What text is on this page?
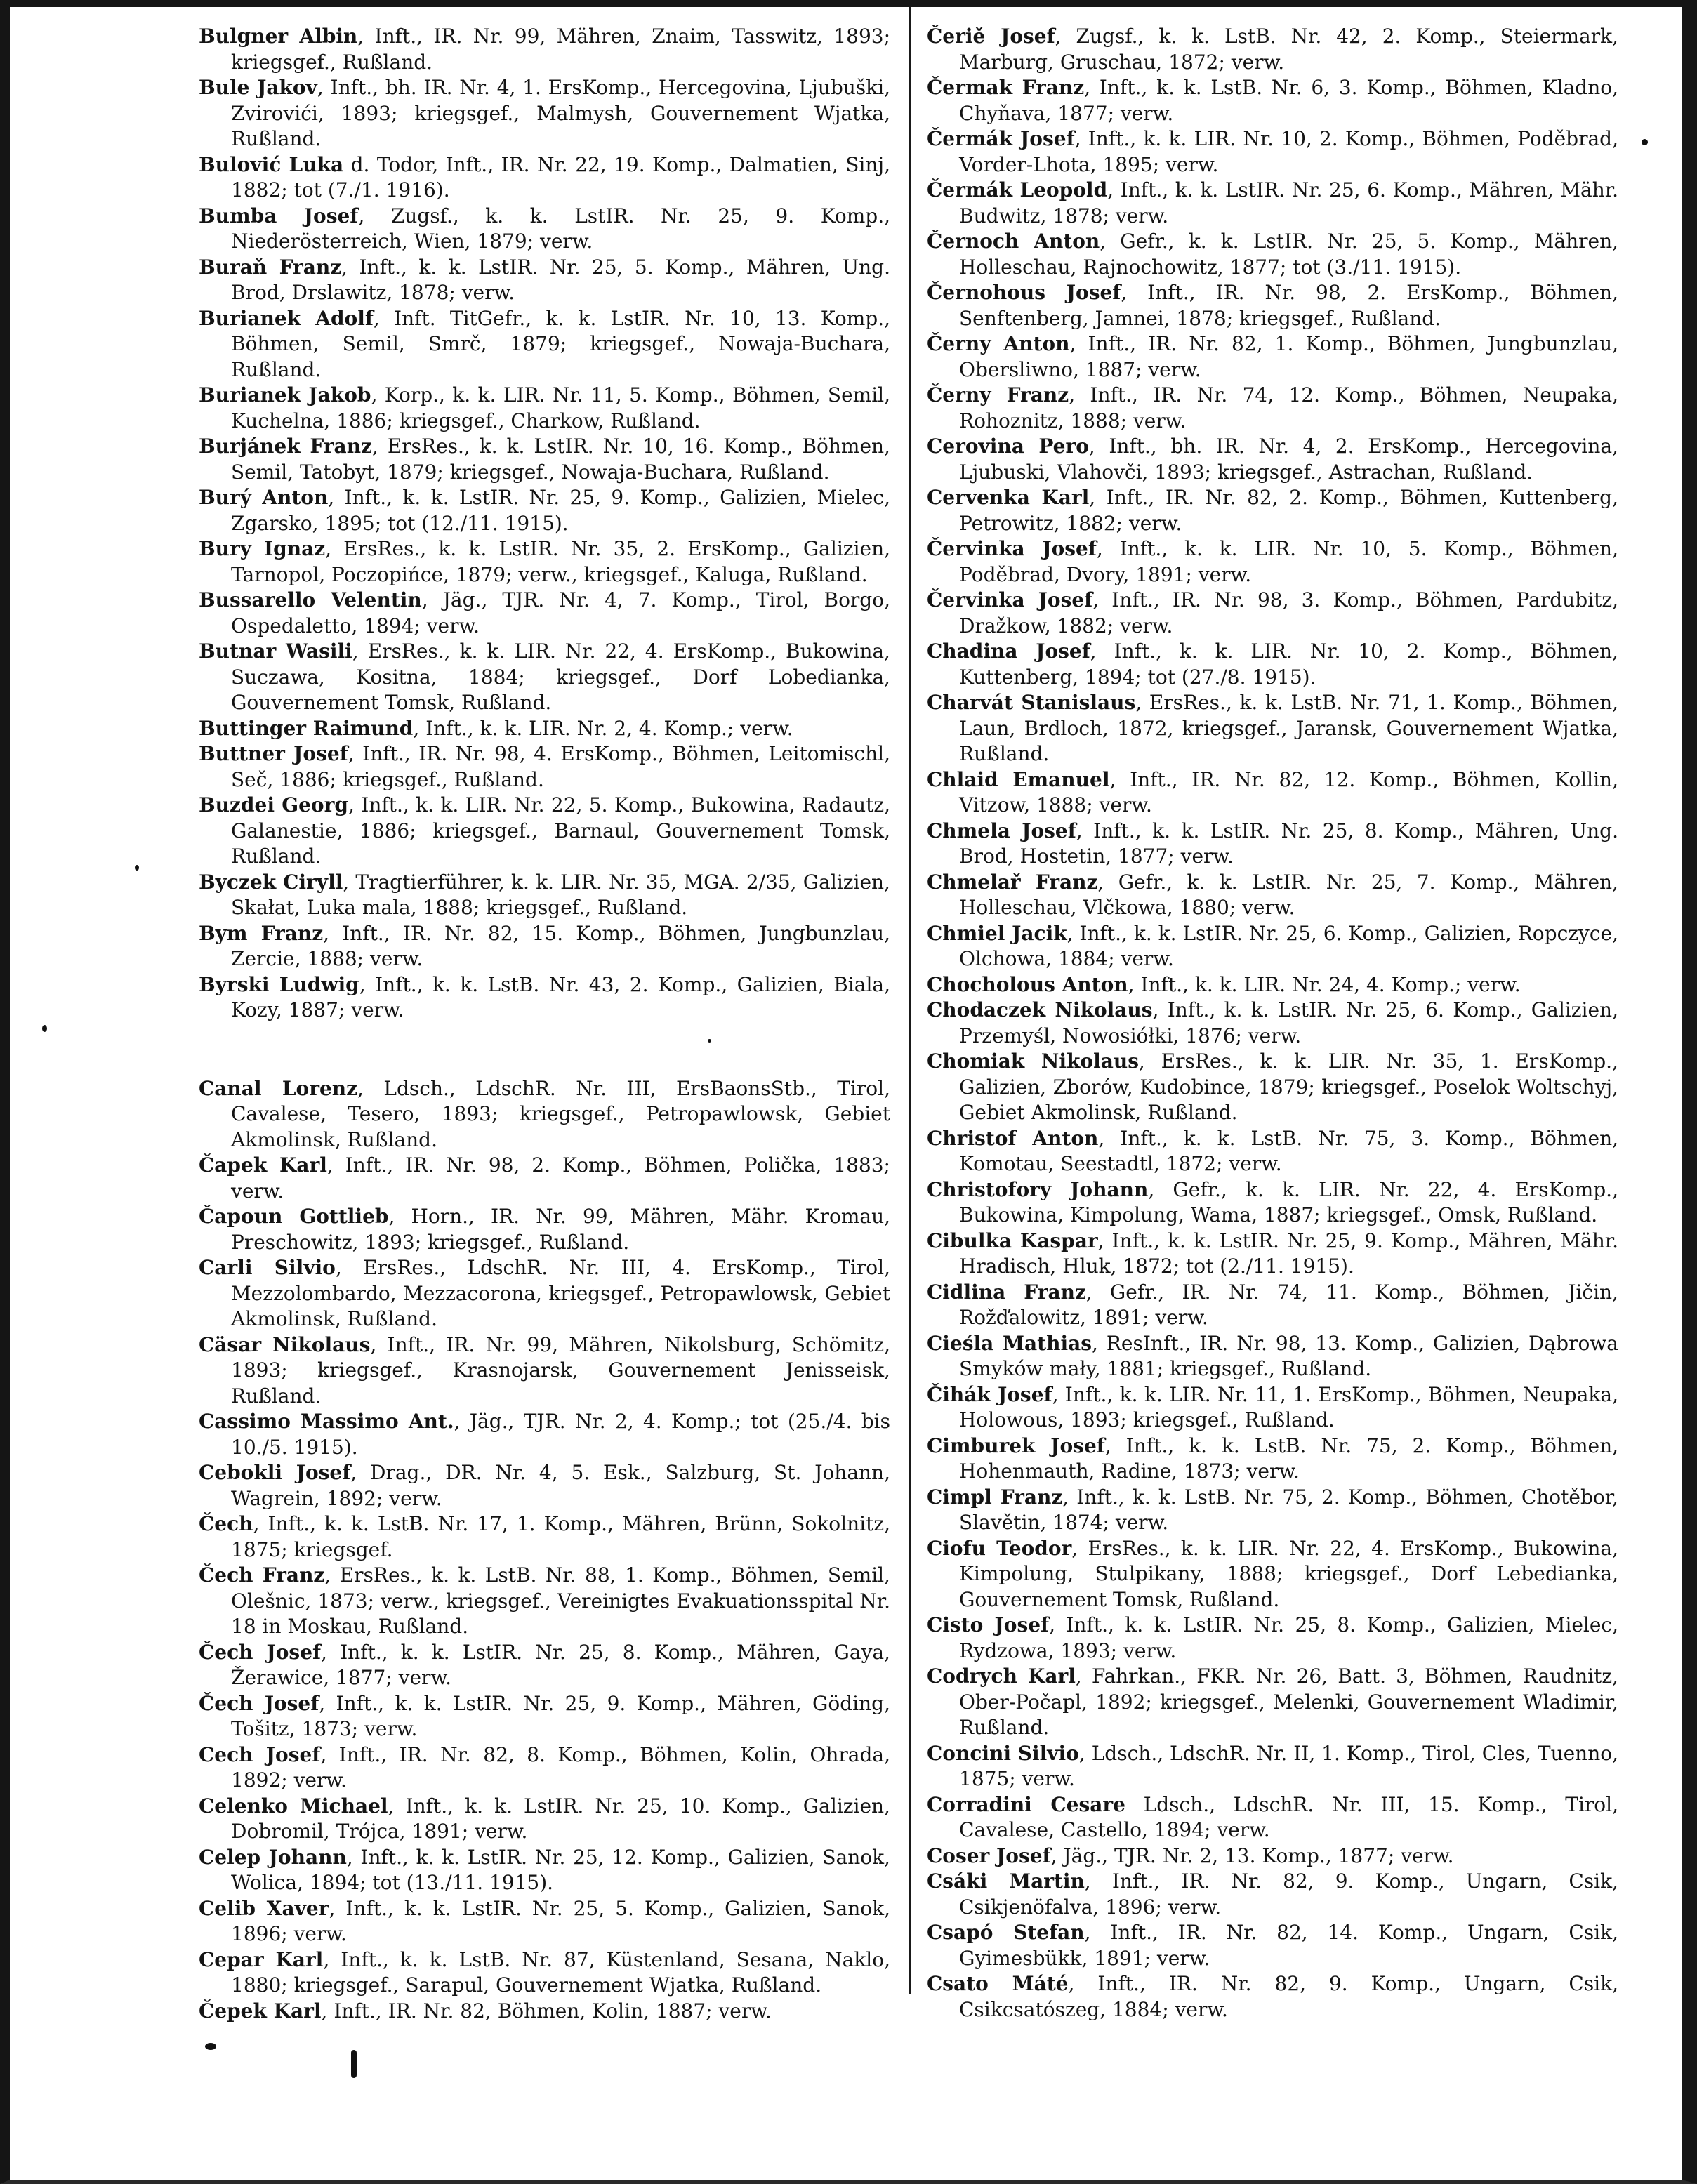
Bulgner Albin, Inft., IR. Nr. 99, Mähren, Znaim, Tasswitz, 1893; kriegsgef., Rußland.

Bule Jakov, Inft., bh. IR. Nr. 4, 1. ErsKomp., Hercegovina, Ljubuški, Zvirovići, 1893; kriegsgef., Malmysh, Gouvernement Wjatka, Rußland.

Bulović Luka d. Todor, Inft., IR. Nr. 22, 19. Komp., Dalmatien, Sinj, 1882; tot (7./1. 1916).

Bumba Josef, Zugsf., k. k. LstIR. Nr. 25, 9. Komp., Niederösterreich, Wien, 1879; verw.

Buraň Franz, Inft., k. k. LstIR. Nr. 25, 5. Komp., Mähren, Ung. Brod, Drslawitz, 1878; verw.

Burianek Adolf, Inft. TitGefr., k. k. LstIR. Nr. 10, 13. Komp., Böhmen, Semil, Smrč, 1879; kriegsgef., Nowaja-Buchara, Rußland.

Burianek Jakob, Korp., k. k. LIR. Nr. 11, 5. Komp., Böhmen, Semil, Kuchelna, 1886; kriegsgef., Charkow, Rußland.

Burjánek Franz, ErsRes., k. k. LstIR. Nr. 10, 16. Komp., Böhmen, Semil, Tatobyt, 1879; kriegsgef., Nowaja-Buchara, Rußland.

Burý Anton, Inft., k. k. LstIR. Nr. 25, 9. Komp., Galizien, Mielec, Zgarsko, 1895; tot (12./11. 1915).

Bury Ignaz, ErsRes., k. k. LstIR. Nr. 35, 2. ErsKomp., Galizien, Tarnopol, Poczopińce, 1879; verw., kriegsgef., Kaluga, Rußland.

Bussarello Velentin, Jäg., TJR. Nr. 4, 7. Komp., Tirol, Borgo, Ospedaletto, 1894; verw.

Butnar Wasili, ErsRes., k. k. LIR. Nr. 22, 4. ErsKomp., Bukowina, Suczawa, Kositna, 1884; kriegsgef., Dorf Lobedianka, Gouvernement Tomsk, Rußland.

Buttinger Raimund, Inft., k. k. LIR. Nr. 2, 4. Komp.; verw.

Buttner Josef, Inft., IR. Nr. 98, 4. ErsKomp., Böhmen, Leitomischl, Seč, 1886; kriegsgef., Rußland.

Buzdei Georg, Inft., k. k. LIR. Nr. 22, 5. Komp., Bukowina, Radautz, Galanestie, 1886; kriegsgef., Barnaul, Gouvernement Tomsk, Rußland.

Byczek Ciryll, Tragtierführer, k. k. LIR. Nr. 35, MGA. 2/35, Galizien, Skałat, Luka mala, 1888; kriegsgef., Rußland.

Bym Franz, Inft., IR. Nr. 82, 15. Komp., Böhmen, Jungbunzlau, Zercie, 1888; verw.

Byrski Ludwig, Inft., k. k. LstB. Nr. 43, 2. Komp., Galizien, Biala, Kozy, 1887; verw.

Canal Lorenz, Ldsch., LdschR. Nr. III, ErsBaonsStb., Tirol, Cavalese, Tesero, 1893; kriegsgef., Petropawlowsk, Gebiet Akmolinsk, Rußland.

Čapek Karl, Inft., IR. Nr. 98, 2. Komp., Böhmen, Polička, 1883; verw.

Čapoun Gottlieb, Horn., IR. Nr. 99, Mähren, Mähr. Kromau, Preschowitz, 1893; kriegsgef., Rußland.

Carli Silvio, ErsRes., LdschR. Nr. III, 4. ErsKomp., Tirol, Mezzolombardo, Mezzacorona, kriegsgef., Petropawlowsk, Gebiet Akmolinsk, Rußland.

Cäsar Nikolaus, Inft., IR. Nr. 99, Mähren, Nikolsburg, Schömitz, 1893; kriegsgef., Krasnojarsk, Gouvernement Jenisseisk, Rußland.

Cassimo Massimo Ant., Jäg., TJR. Nr. 2, 4. Komp.; tot (25./4. bis 10./5. 1915).

Cebokli Josef, Drag., DR. Nr. 4, 5. Esk., Salzburg, St. Johann, Wagrein, 1892; verw.

Čech, Inft., k. k. LstB. Nr. 17, 1. Komp., Mähren, Brünn, Sokolnitz, 1875; kriegsgef.

Čech Franz, ErsRes., k. k. LstB. Nr. 88, 1. Komp., Böhmen, Semil, Olešnic, 1873; verw., kriegsgef., Vereinigtes Evakuationsspital Nr. 18 in Moskau, Rußland.

Čech Josef, Inft., k. k. LstIR. Nr. 25, 8. Komp., Mähren, Gaya, Žerawice, 1877; verw.

Čech Josef, Inft., k. k. LstIR. Nr. 25, 9. Komp., Mähren, Göding, Tošitz, 1873; verw.

Cech Josef, Inft., IR. Nr. 82, 8. Komp., Böhmen, Kolin, Ohrada, 1892; verw.

Celenko Michael, Inft., k. k. LstIR. Nr. 25, 10. Komp., Galizien, Dobromil, Trójca, 1891; verw.

Celep Johann, Inft., k. k. LstIR. Nr. 25, 12. Komp., Galizien, Sanok, Wolica, 1894; tot (13./11. 1915).

Celib Xaver, Inft., k. k. LstIR. Nr. 25, 5. Komp., Galizien, Sanok, 1896; verw.

Cepar Karl, Inft., k. k. LstB. Nr. 87, Küstenland, Sesana, Naklo, 1880; kriegsgef., Sarapul, Gouvernement Wjatka, Rußland.

Čepek Karl, Inft., IR. Nr. 82, Böhmen, Kolin, 1887; verw.

Čeriě Josef, Zugsf., k. k. LstB. Nr. 42, 2. Komp., Steiermark, Marburg, Gruschau, 1872; verw.

Čermak Franz, Inft., k. k. LstB. Nr. 6, 3. Komp., Böhmen, Kladno, Chyňava, 1877; verw.

Čermák Josef, Inft., k. k. LIR. Nr. 10, 2. Komp., Böhmen, Poděbrad, Vorder-Lhota, 1895; verw.

Čermák Leopold, Inft., k. k. LstIR. Nr. 25, 6. Komp., Mähren, Mähr. Budwitz, 1878; verw.

Černoch Anton, Gefr., k. k. LstIR. Nr. 25, 5. Komp., Mähren, Holleschau, Rajnochowitz, 1877; tot (3./11. 1915).

Černohous Josef, Inft., IR. Nr. 98, 2. ErsKomp., Böhmen, Senftenberg, Jamnei, 1878; kriegsgef., Rußland.

Černy Anton, Inft., IR. Nr. 82, 1. Komp., Böhmen, Jungbunzlau, Obersliwno, 1887; verw.

Černy Franz, Inft., IR. Nr. 74, 12. Komp., Böhmen, Neupaka, Rohoznitz, 1888; verw.

Cerovina Pero, Inft., bh. IR. Nr. 4, 2. ErsKomp., Hercegovina, Ljubuski, Vlahovči, 1893; kriegsgef., Astrachan, Rußland.

Cervenka Karl, Inft., IR. Nr. 82, 2. Komp., Böhmen, Kuttenberg, Petrowitz, 1882; verw.

Červinka Josef, Inft., k. k. LIR. Nr. 10, 5. Komp., Böhmen, Poděbrad, Dvory, 1891; verw.

Červinka Josef, Inft., IR. Nr. 98, 3. Komp., Böhmen, Pardubitz, Dražkow, 1882; verw.

Chadina Josef, Inft., k. k. LIR. Nr. 10, 2. Komp., Böhmen, Kuttenberg, 1894; tot (27./8. 1915).

Charvát Stanislaus, ErsRes., k. k. LstB. Nr. 71, 1. Komp., Böhmen, Laun, Brdloch, 1872, kriegsgef., Jaransk, Gouvernement Wjatka, Rußland.

Chlaid Emanuel, Inft., IR. Nr. 82, 12. Komp., Böhmen, Kollin, Vitzow, 1888; verw.

Chmela Josef, Inft., k. k. LstIR. Nr. 25, 8. Komp., Mähren, Ung. Brod, Hostetin, 1877; verw.

Chmelař Franz, Gefr., k. k. LstIR. Nr. 25, 7. Komp., Mähren, Holleschau, Vlčkowa, 1880; verw.

Chmiel Jacik, Inft., k. k. LstIR. Nr. 25, 6. Komp., Galizien, Ropczyce, Olchowa, 1884; verw.

Chocholous Anton, Inft., k. k. LIR. Nr. 24, 4. Komp.; verw.

Chodaczek Nikolaus, Inft., k. k. LstIR. Nr. 25, 6. Komp., Galizien, Przemyśl, Nowosiółki, 1876; verw.

Chomiak Nikolaus, ErsRes., k. k. LIR. Nr. 35, 1. ErsKomp., Galizien, Zborów, Kudobince, 1879; kriegsgef., Poselok Woltschyj, Gebiet Akmolinsk, Rußland.

Christof Anton, Inft., k. k. LstB. Nr. 75, 3. Komp., Böhmen, Komotau, Seestadtl, 1872; verw.

Christofory Johann, Gefr., k. k. LIR. Nr. 22, 4. ErsKomp., Bukowina, Kimpolung, Wama, 1887; kriegsgef., Omsk, Rußland.

Cibulka Kaspar, Inft., k. k. LstIR. Nr. 25, 9. Komp., Mähren, Mähr. Hradisch, Hluk, 1872; tot (2./11. 1915).

Cidlina Franz, Gefr., IR. Nr. 74, 11. Komp., Böhmen, Jičin, Rožďalowitz, 1891; verw.

Cieśla Mathias, ResInft., IR. Nr. 98, 13. Komp., Galizien, Dąbrowa Smyków mały, 1881; kriegsgef., Rußland.

Čihák Josef, Inft., k. k. LIR. Nr. 11, 1. ErsKomp., Böhmen, Neupaka, Holowous, 1893; kriegsgef., Rußland.

Cimburek Josef, Inft., k. k. LstB. Nr. 75, 2. Komp., Böhmen, Hohenmauth, Radine, 1873; verw.

Cimpl Franz, Inft., k. k. LstB. Nr. 75, 2. Komp., Böhmen, Chotěbor, Slavětin, 1874; verw.

Ciofu Teodor, ErsRes., k. k. LIR. Nr. 22, 4. ErsKomp., Bukowina, Kimpolung, Stulpikany, 1888; kriegsgef., Dorf Lebedianka, Gouvernement Tomsk, Rußland.

Cisto Josef, Inft., k. k. LstIR. Nr. 25, 8. Komp., Galizien, Mielec, Rydzowa, 1893; verw.

Codrych Karl, Fahrkan., FKR. Nr. 26, Batt. 3, Böhmen, Raudnitz, Ober-Počapl, 1892; kriegsgef., Melenki, Gouvernement Wladimir, Rußland.

Concini Silvio, Ldsch., LdschR. Nr. II, 1. Komp., Tirol, Cles, Tuenno, 1875; verw.

Corradini Cesare Ldsch., LdschR. Nr. III, 15. Komp., Tirol, Cavalese, Castello, 1894; verw.

Coser Josef, Jäg., TJR. Nr. 2, 13. Komp., 1877; verw.

Csáki Martin, Inft., IR. Nr. 82, 9. Komp., Ungarn, Csik, Csikjenöfalva, 1896; verw.

Csapó Stefan, Inft., IR. Nr. 82, 14. Komp., Ungarn, Csik, Gyimesbükk, 1891; verw.

Csato Máté, Inft., IR. Nr. 82, 9. Komp., Ungarn, Csik, Csikcsatószeg, 1884; verw.
